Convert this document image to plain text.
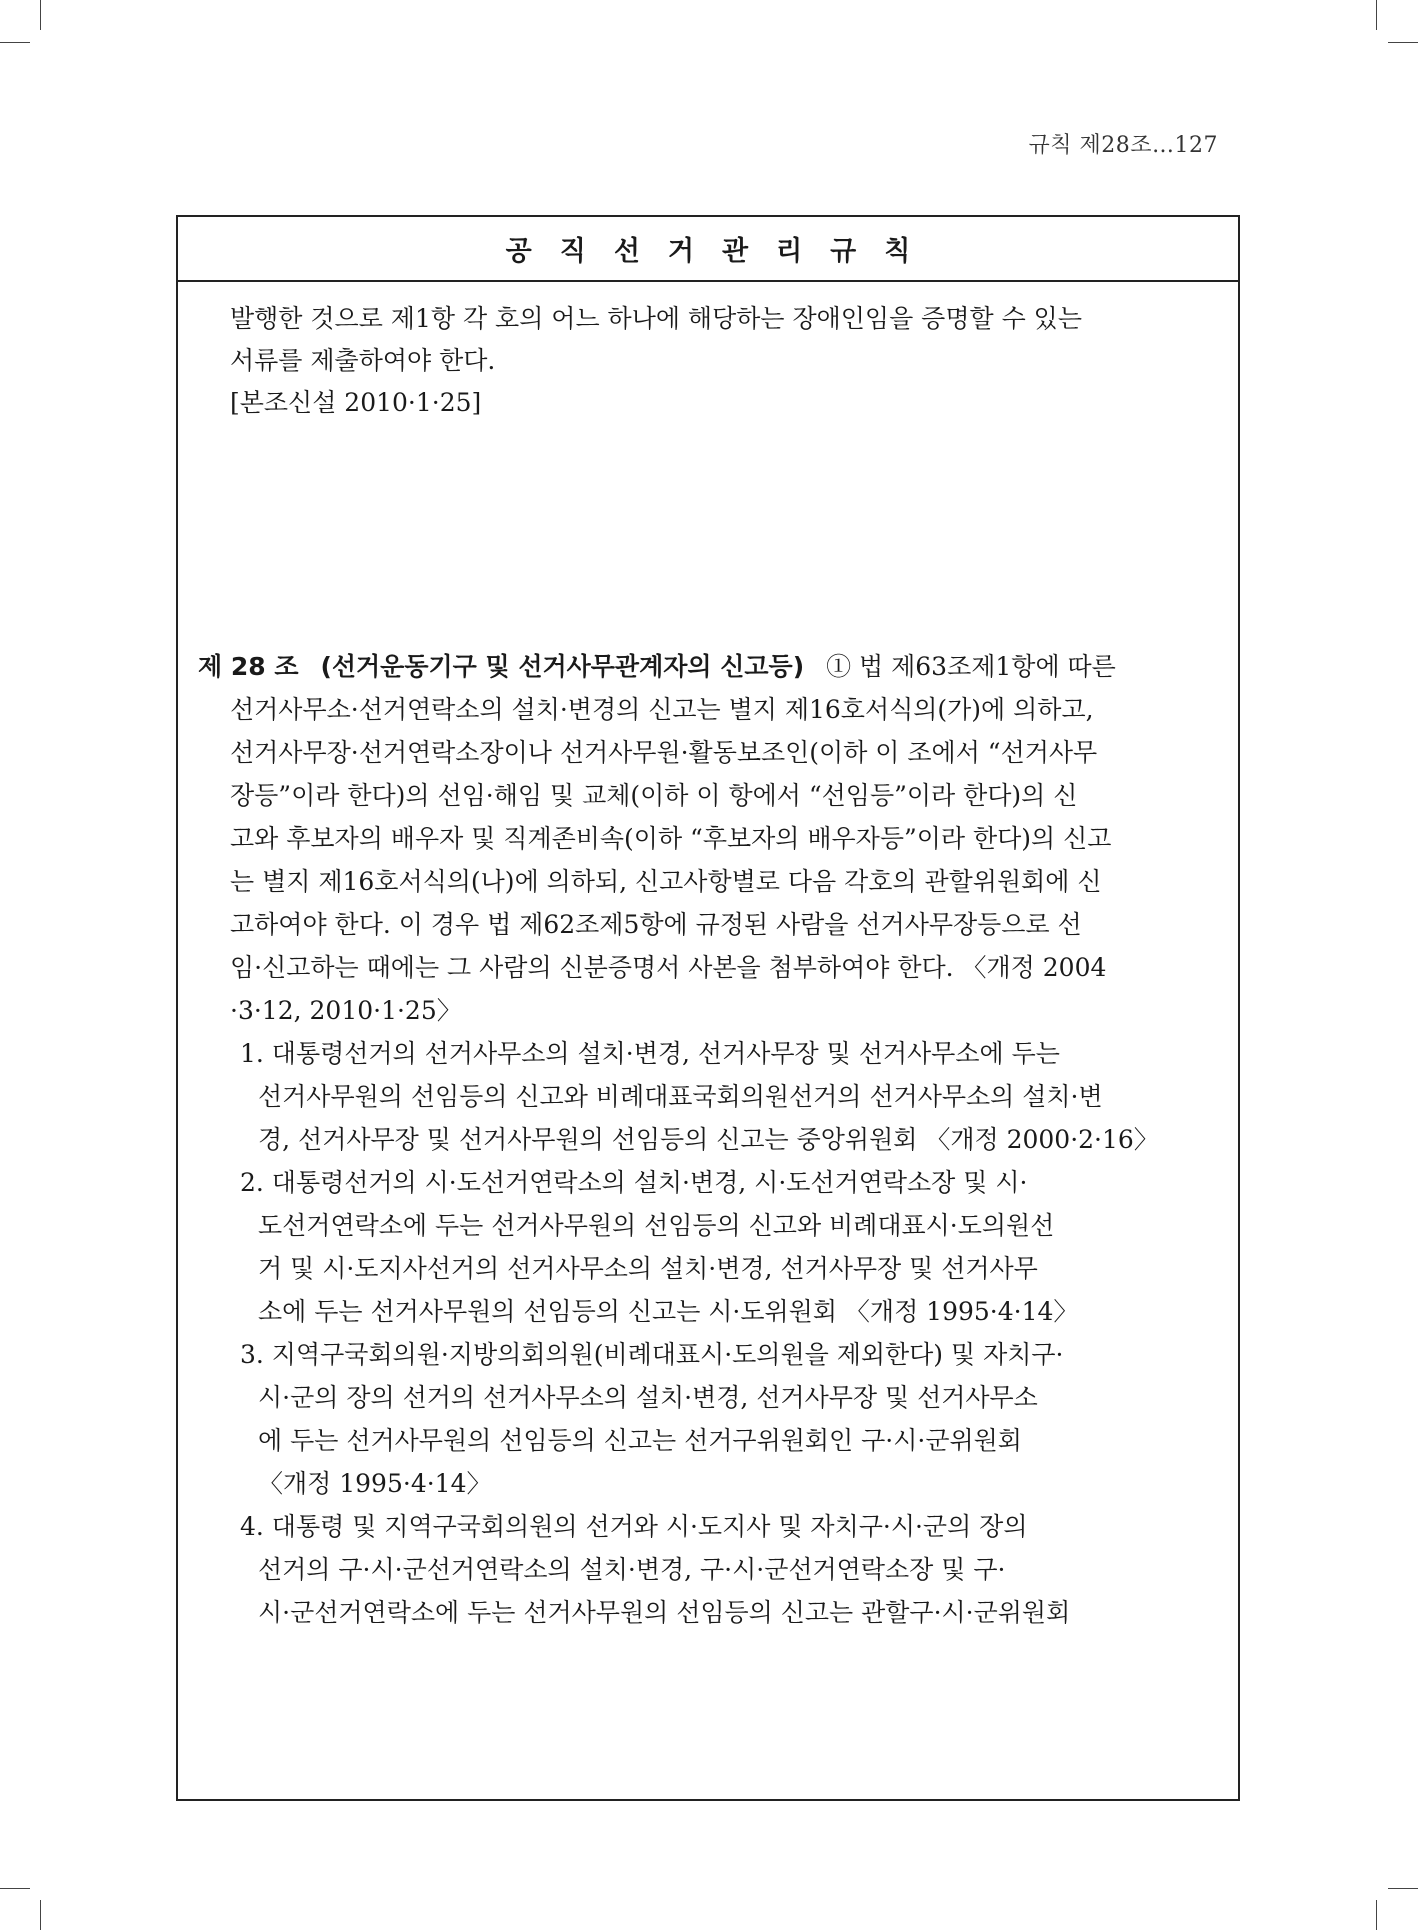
규칙 제28조…127
공직선거관리규칙
발행한 것으로 제1항 각 호의 어느 하나에 해당하는 장애인임을 증명할 수 있는
서류를 제출하여야 한다.
[본조신설 2010·1·25]
제 28 조 (선거운동기구 및 선거사무관계자의 신고등) ① 법 제63조제1항에 따른
선거사무소·선거연락소의 설치·변경의 신고는 별지 제16호서식의(가)에 의하고,
선거사무장·선거연락소장이나 선거사무원·활동보조인(이하 이 조에서 “선거사무
장등”이라 한다)의 선임·해임 및 교체(이하 이 항에서 “선임등”이라 한다)의 신
고와 후보자의 배우자 및 직계존비속(이하 “후보자의 배우자등”이라 한다)의 신고
는 별지 제16호서식의(나)에 의하되, 신고사항별로 다음 각호의 관할위원회에 신
고하여야 한다. 이 경우 법 제62조제5항에 규정된 사람을 선거사무장등으로 선
임·신고하는 때에는 그 사람의 신분증명서 사본을 첨부하여야 한다. 〈개정 2004
·3·12, 2010·1·25〉
1. 대통령선거의 선거사무소의 설치·변경, 선거사무장 및 선거사무소에 두는
선거사무원의 선임등의 신고와 비례대표국회의원선거의 선거사무소의 설치·변
경, 선거사무장 및 선거사무원의 선임등의 신고는 중앙위원회 〈개정 2000·2·16〉
2. 대통령선거의 시·도선거연락소의 설치·변경, 시·도선거연락소장 및 시·
도선거연락소에 두는 선거사무원의 선임등의 신고와 비례대표시·도의원선
거 및 시·도지사선거의 선거사무소의 설치·변경, 선거사무장 및 선거사무
소에 두는 선거사무원의 선임등의 신고는 시·도위원회 〈개정 1995·4·14〉
3. 지역구국회의원·지방의회의원(비례대표시·도의원을 제외한다) 및 자치구·
시·군의 장의 선거의 선거사무소의 설치·변경, 선거사무장 및 선거사무소
에 두는 선거사무원의 선임등의 신고는 선거구위원회인 구·시·군위원회
〈개정 1995·4·14〉
4. 대통령 및 지역구국회의원의 선거와 시·도지사 및 자치구·시·군의 장의
선거의 구·시·군선거연락소의 설치·변경, 구·시·군선거연락소장 및 구·
시·군선거연락소에 두는 선거사무원의 선임등의 신고는 관할구·시·군위원회
